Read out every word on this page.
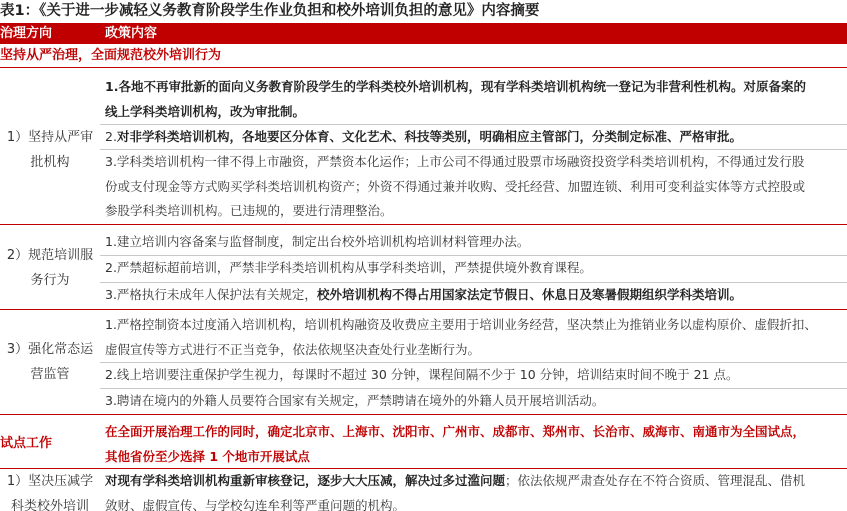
表1：《关于进一步减轻义务教育阶段学生作业负担和校外培训负担的意见》内容摘要
治理方向	政策内容
坚持从严治理，全面规范校外培训行为
1）坚持从严审
批机构
1.各地不再审批新的面向义务教育阶段学生的学科类校外培训机构，现有学科类培训机构统一登记为非营利性机构。对原备案的
线上学科类培训机构，改为审批制。
2.对非学科类培训机构，各地要区分体育、文化艺术、科技等类别，明确相应主管部门，分类制定标准、严格审批。
3.学科类培训机构一律不得上市融资，严禁资本化运作；上市公司不得通过股票市场融资投资学科类培训机构，不得通过发行股
份或支付现金等方式购买学科类培训机构资产；外资不得通过兼并收购、受托经营、加盟连锁、利用可变利益实体等方式控股或
参股学科类培训机构。已违规的，要进行清理整治。
2）规范培训服
务行为
1.建立培训内容备案与监督制度，制定出台校外培训机构培训材料管理办法。
2.严禁超标超前培训，严禁非学科类培训机构从事学科类培训，严禁提供境外教育课程。
3.严格执行未成年人保护法有关规定，校外培训机构不得占用国家法定节假日、休息日及寒暑假期组织学科类培训。
3）强化常态运
营监管
1.严格控制资本过度涌入培训机构，培训机构融资及收费应主要用于培训业务经营，坚决禁止为推销业务以虚构原价、虚假折扣、
虚假宣传等方式进行不正当竞争，依法依规坚决查处行业垄断行为。
2.线上培训要注重保护学生视力，每课时不超过 30 分钟，课程间隔不少于 10 分钟，培训结束时间不晚于 21 点。
3.聘请在境内的外籍人员要符合国家有关规定，严禁聘请在境外的外籍人员开展培训活动。
试点工作
在全面开展治理工作的同时，确定北京市、上海市、沈阳市、广州市、成都市、郑州市、长治市、威海市、南通市为全国试点，
其他省份至少选择 1 个地市开展试点
1）坚决压减学
科类校外培训
对现有学科类培训机构重新审核登记，逐步大大压减，解决过多过滥问题；依法依规严肃查处存在不符合资质、管理混乱、借机
敛财、虚假宣传、与学校勾连牟利等严重问题的机构。
